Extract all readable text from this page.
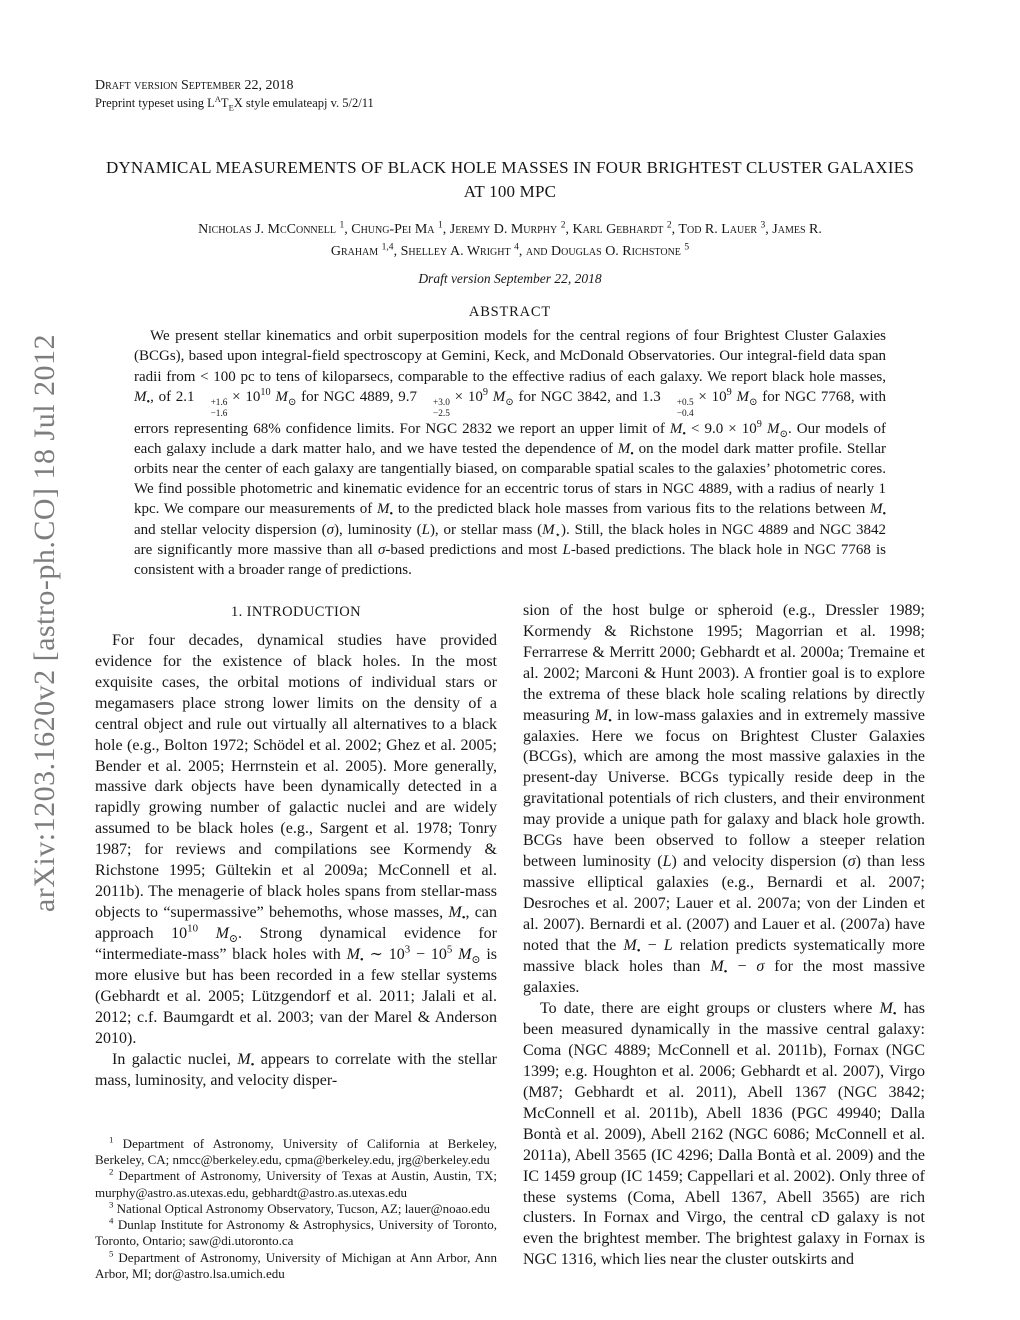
arXiv:1203.1620v2 [astro-ph.CO] 18 Jul 2012
Draft version September 22, 2018
Preprint typeset using $L^AT_EX$ style emulateapj v. 5/2/11
DYNAMICAL MEASUREMENTS OF BLACK HOLE MASSES IN FOUR BRIGHTEST CLUSTER GALAXIES
AT 100 MPC
Nicholas J. McConnell $^1$, Chung-Pei Ma $^1$, Jeremy D. Murphy $^2$, Karl Gebhardt $^2$, Tod R. Lauer $^3$, James R.
Graham $^{1,4}$, Shelley A. Wright $^4$, and Douglas O. Richstone $^5$
Draft version September 22, 2018
ABSTRACT

We present stellar kinematics and orbit superposition models for the central regions of four Brightest Cluster Galaxies (BCGs), based upon integral-field spectroscopy at Gemini, Keck, and McDonald Observatories. Our integral-field data span radii from < 100 pc to tens of kiloparsecs, comparable to the effective radius of each galaxy. We report black hole masses, $M_•$, of 2.1	+1.6
−1.6
× $10^{10}$ $M_⊙$ for NGC 4889, 9.7	+3.0
−2.5
× $10^9$ $M_⊙$ for NGC 3842, and 1.3	+0.5
−0.4
× $10^9$ $M_⊙$ for NGC 7768, with errors representing 68% confidence limits. For NGC 2832 we report an upper limit of $M_• < 9.0 \times 10^9$ $M_⊙$. Our models of each galaxy include a dark matter halo, and we have tested the dependence of $M_•$ on the model dark matter profile. Stellar orbits near the center of each galaxy are tangentially biased, on comparable spatial scales to the galaxies’ photometric cores. We find possible photometric and kinematic evidence for an eccentric torus of stars in NGC 4889, with a radius of nearly 1 kpc. We compare our measurements of $M_•$ to the predicted black hole masses from various fits to the relations between $M_•$ and stellar velocity dispersion (σ), luminosity (L), or stellar mass $(M_⋆)$. Still, the black holes in NGC 4889 and NGC 3842 are significantly more massive than all σ-based predictions and most L-based predictions. The black hole in NGC 7768 is consistent with a broader range of predictions.

1. INTRODUCTION

For four decades, dynamical studies have provided evidence for the existence of black holes. In the most exquisite cases, the orbital motions of individual stars or megamasers place strong lower limits on the density of a central object and rule out virtually all alternatives to a black hole (e.g., Bolton 1972; Schödel et al. 2002; Ghez et al. 2005; Bender et al. 2005; Herrnstein et al. 2005). More generally, massive dark objects have been dynamically detected in a rapidly growing number of galactic nuclei and are widely assumed to be black holes (e.g., Sargent et al. 1978; Tonry 1987; for reviews and compilations see Kormendy & Richstone 1995; Gültekin et al 2009a; McConnell et al. 2011b). The menagerie of black holes spans from stellar-mass objects to “supermassive” behemoths, whose masses, $M_•$, can approach $10^{10}$ $M_⊙$. Strong dynamical evidence for “intermediate-mass” black holes with $M_•$ ∼ $10^3 - 10^5$ $M_⊙$ is more elusive but has been recorded in a few stellar systems (Gebhardt et al. 2005; Lützgendorf et al. 2011; Jalali et al. 2012; c.f. Baumgardt et al. 2003; van der Marel & Anderson 2010).

In galactic nuclei, $M_•$ appears to correlate with the stellar mass, luminosity, and velocity disper-

$^1$ Department of Astronomy, University of California at Berkeley, Berkeley, CA; nmcc@berkeley.edu, cpma@berkeley.edu, jrg@berkeley.edu

$^2$ Department of Astronomy, University of Texas at Austin, Austin, TX; murphy@astro.as.utexas.edu, gebhardt@astro.as.utexas.edu

$^3$ National Optical Astronomy Observatory, Tucson, AZ; lauer@noao.edu

$^4$ Dunlap Institute for Astronomy & Astrophysics, University of Toronto, Toronto, Ontario; saw@di.utoronto.ca

$^5$ Department of Astronomy, University of Michigan at Ann Arbor, Ann Arbor, MI; dor@astro.lsa.umich.edu

sion of the host bulge or spheroid (e.g., Dressler 1989; Kormendy & Richstone 1995; Magorrian et al. 1998; Ferrarrese & Merritt 2000; Gebhardt et al. 2000a; Tremaine et al. 2002; Marconi & Hunt 2003). A frontier goal is to explore the extrema of these black hole scaling relations by directly measuring $M_•$ in low-mass galaxies and in extremely massive galaxies. Here we focus on Brightest Cluster Galaxies (BCGs), which are among the most massive galaxies in the present-day Universe. BCGs typically reside deep in the gravitational potentials of rich clusters, and their environment may provide a unique path for galaxy and black hole growth. BCGs have been observed to follow a steeper relation between luminosity (L) and velocity dispersion (σ) than less massive elliptical galaxies (e.g., Bernardi et al. 2007; Desroches et al. 2007; Lauer et al. 2007a; von der Linden et al. 2007). Bernardi et al. (2007) and Lauer et al. (2007a) have noted that the $M_• - L$ relation predicts systematically more massive black holes than $M_• - \sigma$ for the most massive galaxies.

To date, there are eight groups or clusters where $M_•$ has been measured dynamically in the massive central galaxy: Coma (NGC 4889; McConnell et al. 2011b), Fornax (NGC 1399; e.g. Houghton et al. 2006; Gebhardt et al. 2007), Virgo (M87; Gebhardt et al. 2011), Abell 1367 (NGC 3842; McConnell et al. 2011b), Abell 1836 (PGC 49940; Dalla Bontà et al. 2009), Abell 2162 (NGC 6086; McConnell et al. 2011a), Abell 3565 (IC 4296; Dalla Bontà et al. 2009) and the IC 1459 group (IC 1459; Cappellari et al. 2002). Only three of these systems (Coma, Abell 1367, Abell 3565) are rich clusters. In Fornax and Virgo, the central cD galaxy is not even the brightest member. The brightest galaxy in Fornax is NGC 1316, which lies near the cluster outskirts and
